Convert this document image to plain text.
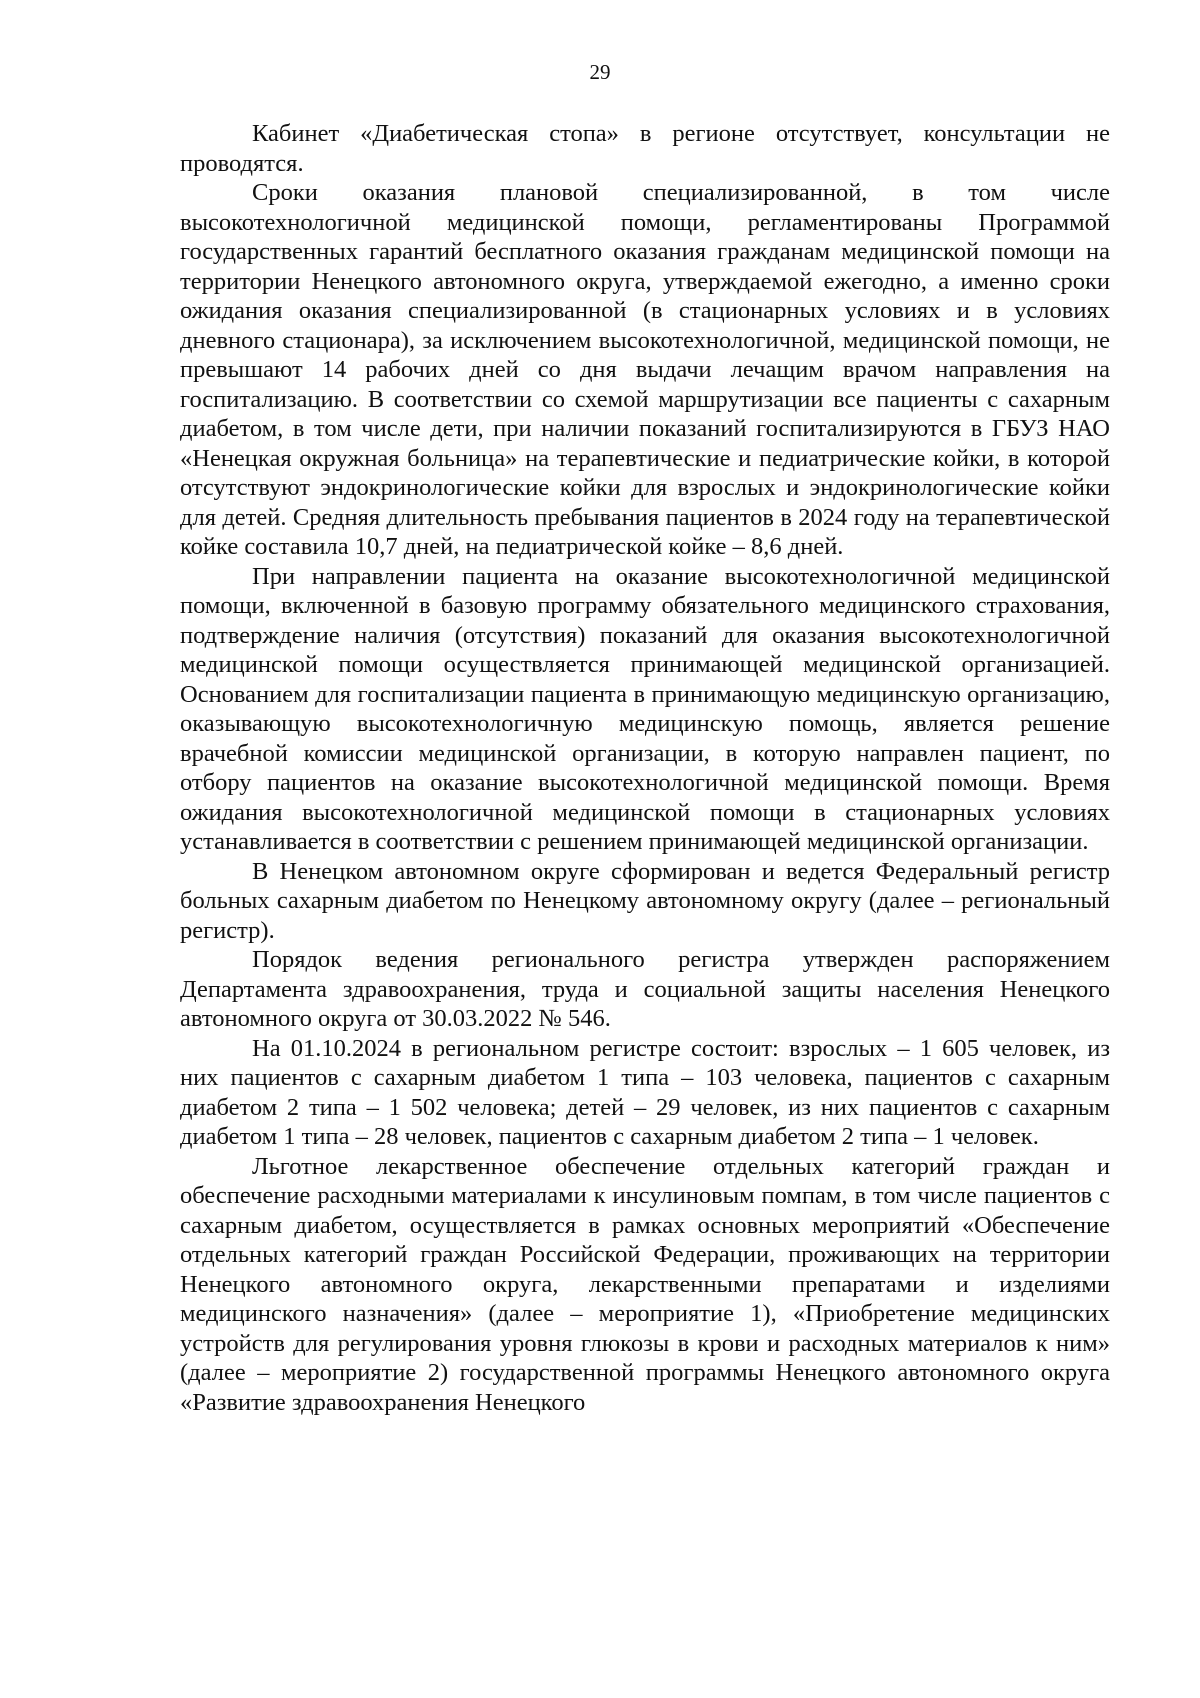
29

Кабинет «Диабетическая стопа» в регионе отсутствует, консультации не проводятся.

Сроки оказания плановой специализированной, в том числе высокотехнологичной медицинской помощи, регламентированы Программой государственных гарантий бесплатного оказания гражданам медицинской помощи на территории Ненецкого автономного округа, утверждаемой ежегодно, а именно сроки ожидания оказания специализированной (в стационарных условиях и в условиях дневного стационара), за исключением высокотехнологичной, медицинской помощи, не превышают 14 рабочих дней со дня выдачи лечащим врачом направления на госпитализацию. В соответствии со схемой маршрутизации все пациенты с сахарным диабетом, в том числе дети, при наличии показаний госпитализируются в ГБУЗ НАО «Ненецкая окружная больница» на терапевтические и педиатрические койки, в которой отсутствуют эндокринологические койки для взрослых и эндокринологические койки для детей. Средняя длительность пребывания пациентов в 2024 году на терапевтической койке составила 10,7 дней, на педиатрической койке – 8,6 дней.

При направлении пациента на оказание высокотехнологичной медицинской помощи, включенной в базовую программу обязательного медицинского страхования, подтверждение наличия (отсутствия) показаний для оказания высокотехнологичной медицинской помощи осуществляется принимающей медицинской организацией. Основанием для госпитализации пациента в принимающую медицинскую организацию, оказывающую высокотехнологичную медицинскую помощь, является решение врачебной комиссии медицинской организации, в которую направлен пациент, по отбору пациентов на оказание высокотехнологичной медицинской помощи. Время ожидания высокотехнологичной медицинской помощи в стационарных условиях устанавливается в соответствии с решением принимающей медицинской организации.

В Ненецком автономном округе сформирован и ведется Федеральный регистр больных сахарным диабетом по Ненецкому автономному округу (далее – региональный регистр).

Порядок ведения регионального регистра утвержден распоряжением Департамента здравоохранения, труда и социальной защиты населения Ненецкого автономного округа от 30.03.2022 № 546.

На 01.10.2024 в региональном регистре состоит: взрослых – 1 605 человек, из них пациентов с сахарным диабетом 1 типа – 103 человека, пациентов с сахарным диабетом 2 типа – 1 502 человека; детей – 29 человек, из них пациентов с сахарным диабетом 1 типа – 28 человек, пациентов с сахарным диабетом 2 типа – 1 человек.

Льготное лекарственное обеспечение отдельных категорий граждан и обеспечение расходными материалами к инсулиновым помпам, в том числе пациентов с сахарным диабетом, осуществляется в рамках основных мероприятий «Обеспечение отдельных категорий граждан Российской Федерации, проживающих на территории Ненецкого автономного округа, лекарственными препаратами и изделиями медицинского назначения» (далее – мероприятие 1), «Приобретение медицинских устройств для регулирования уровня глюкозы в крови и расходных материалов к ним» (далее – мероприятие 2) государственной программы Ненецкого автономного округа «Развитие здравоохранения Ненецкого
